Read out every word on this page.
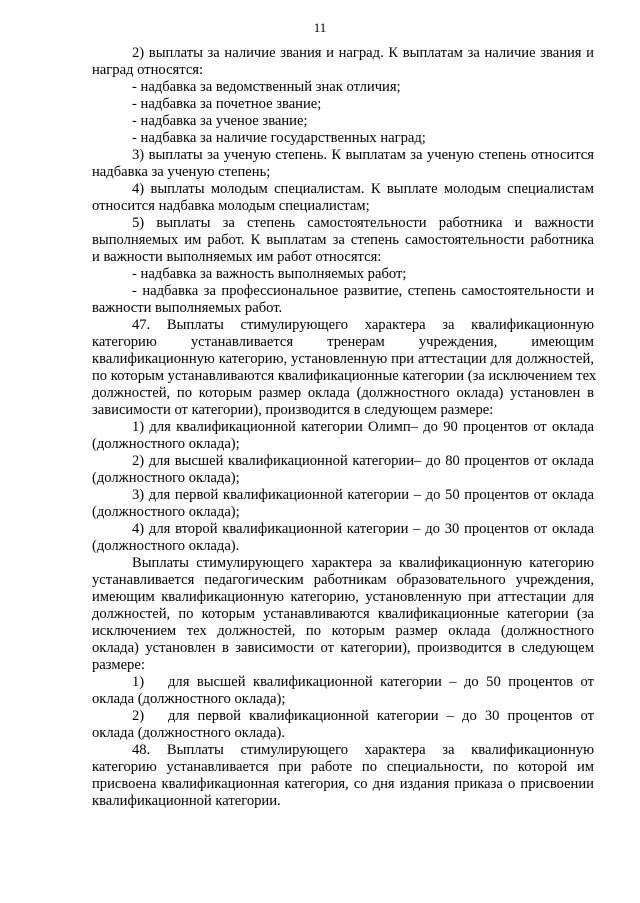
11
2) выплаты за наличие звания и наград. К выплатам за наличие звания и
наград относятся:
- надбавка за ведомственный знак отличия;
- надбавка за почетное звание;
- надбавка за ученое звание;
- надбавка за наличие государственных наград;
3) выплаты за ученую степень. К выплатам за ученую степень относится
надбавка за ученую степень;
4) выплаты молодым специалистам. К выплате молодым специалистам
относится надбавка молодым специалистам;
5) выплаты за степень самостоятельности работника и важности
выполняемых им работ. К выплатам за степень самостоятельности работника
и важности выполняемых им работ относятся:
- надбавка за важность выполняемых работ;
- надбавка за профессиональное развитие, степень самостоятельности и
важности выполняемых работ.
47. Выплаты стимулирующего характера за квалификационную
категорию устанавливается тренерам учреждения, имеющим
квалификационную категорию, установленную при аттестации для должностей,
по которым устанавливаются квалификационные категории (за исключением тех
должностей, по которым размер оклада (должностного оклада) установлен в
зависимости от категории), производится в следующем размере:
1) для квалификационной категории Олимп– до 90 процентов от оклада
(должностного оклада);
2) для высшей квалификационной категории– до 80 процентов от оклада
(должностного оклада);
3) для первой квалификационной категории – до 50 процентов от оклада
(должностного оклада);
4) для второй квалификационной категории – до 30 процентов от оклада
(должностного оклада).
Выплаты стимулирующего характера за квалификационную категорию
устанавливается педагогическим работникам образовательного учреждения,
имеющим квалификационную категорию, установленную при аттестации для
должностей, по которым устанавливаются квалификационные категории (за
исключением тех должностей, по которым размер оклада (должностного
оклада) установлен в зависимости от категории), производится в следующем
размере:
1)	для высшей квалификационной категории – до 50 процентов от
оклада (должностного оклада);
2)	для первой квалификационной категории – до 30 процентов от
оклада (должностного оклада).
48. Выплаты стимулирующего характера за квалификационную
категорию устанавливается при работе по специальности, по которой им
присвоена квалификационная категория, со дня издания приказа о присвоении
квалификационной категории.
